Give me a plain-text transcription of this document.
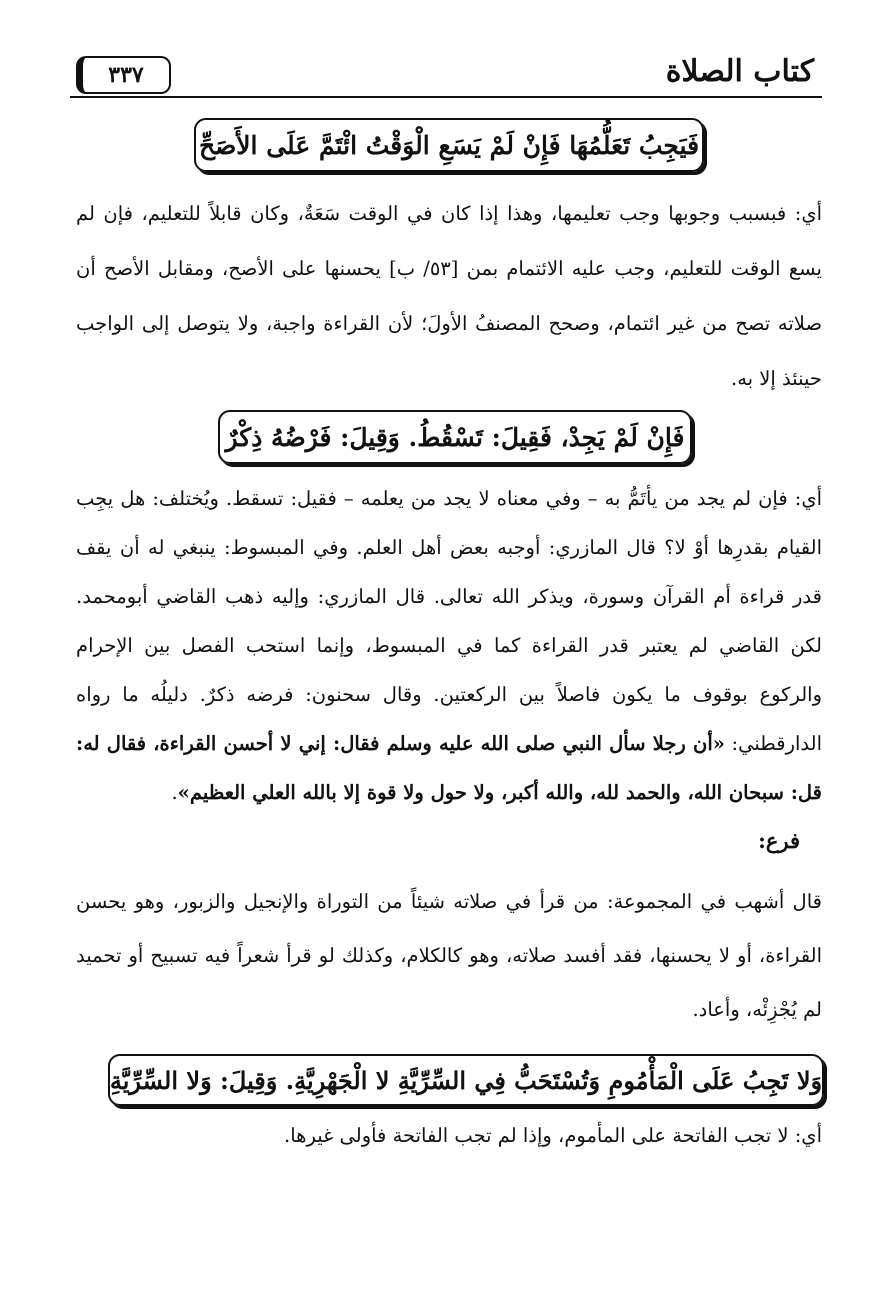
٣٣٧	كتاب الصلاة
فَيَجِبُ تَعَلُّمُهَا فَإِنْ لَمْ يَسَعِ الْوَقْتُ ائْتَمَّ عَلَى الأَصَحِّ

أي: فبسبب وجوبها وجب تعليمها، وهذا إذا كان في الوقت سَعَةٌ، وكان قابلاً للتعليم، فإن لم يسع الوقت للتعليم، وجب عليه الائتمام بمن [٥٣/ ب] يحسنها على الأصح، ومقابل الأصح أن صلاته تصح من غير ائتمام، وصحح المصنفُ الأولَ؛ لأن القراءة واجبة، ولا يتوصل إلى الواجب حينئذ إلا به.

فَإِنْ لَمْ يَجِدْ، فَقِيلَ: تَسْقُطُ. وَقِيلَ: فَرْضُهُ ذِكْرٌ

أي: فإن لم يجد من يأتَمُّ به – وفي معناه لا يجد من يعلمه – فقيل: تسقط. ويُختلف: هل يجِب القيام بقدرِها أوْ لا؟ قال المازري: أوجبه بعض أهل العلم. وفي المبسوط: ينبغي له أن يقف قدر قراءة أم القرآن وسورة، ويذكر الله تعالى. قال المازري: وإليه ذهب القاضي أبومحمد. لكن القاضي لم يعتبر قدر القراءة كما في المبسوط، وإنما استحب الفصل بين الإحرام والركوع بوقوف ما يكون فاصلاً بين الركعتين. وقال سحنون: فرضه ذكرٌ. دليلُه ما رواه الدارقطني: «أن رجلا سأل النبي صلى الله عليه وسلم فقال: إني لا أحسن القراءة، فقال له: قل: سبحان الله، والحمد لله، والله أكبر، ولا حول ولا قوة إلا بالله العلي العظيم».

فرع:

قال أشهب في المجموعة: من قرأ في صلاته شيئاً من التوراة والإنجيل والزبور، وهو يحسن القراءة، أو لا يحسنها، فقد أفسد صلاته، وهو كالكلام، وكذلك لو قرأ شعراً فيه تسبيح أو تحميد لم يُجْزِئْه، وأعاد.

وَلا تَجِبُ عَلَى الْمَأْمُومِ وَتُسْتَحَبُّ فِي السِّرِّيَّةِ لا الْجَهْرِيَّةِ. وَقِيلَ: وَلا السِّرِّيَّةِ

أي: لا تجب الفاتحة على المأموم، وإذا لم تجب الفاتحة فأولى غيرها.
